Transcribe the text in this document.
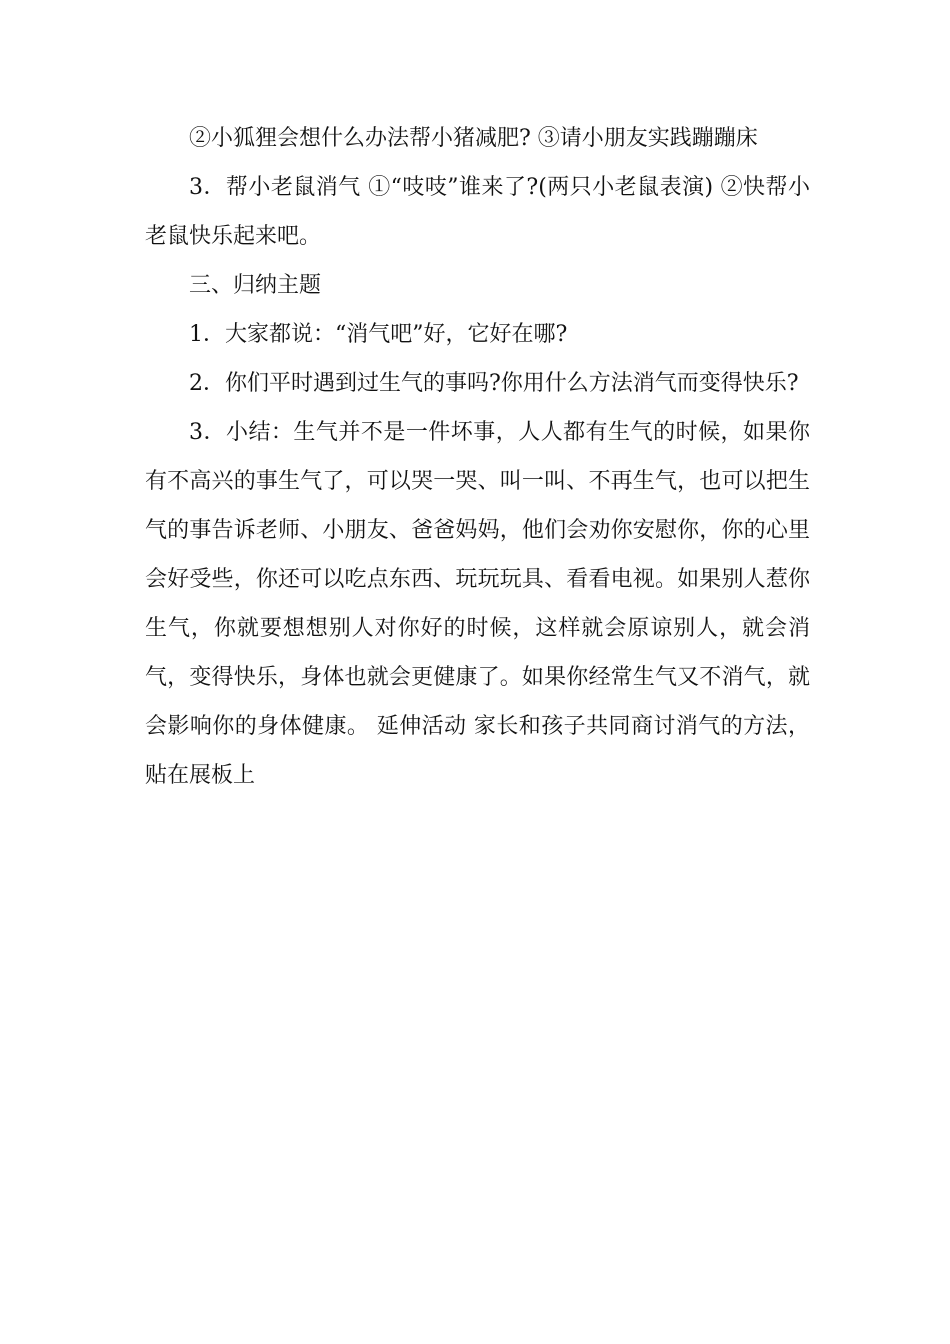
②小狐狸会想什么办法帮小猪减肥? ③请小朋友实践蹦蹦床

3．帮小老鼠消气 ①“吱吱”谁来了?(两只小老鼠表演) ②快帮小老鼠快乐起来吧。

三、归纳主题

1．大家都说：“消气吧”好，它好在哪?

2．你们平时遇到过生气的事吗?你用什么方法消气而变得快乐?

3．小结：生气并不是一件坏事，人人都有生气的时候，如果你有不高兴的事生气了，可以哭一哭、叫一叫、不再生气，也可以把生气的事告诉老师、小朋友、爸爸妈妈，他们会劝你安慰你，你的心里会好受些，你还可以吃点东西、玩玩玩具、看看电视。如果别人惹你生气，你就要想想别人对你好的时候，这样就会原谅别人，就会消气，变得快乐，身体也就会更健康了。如果你经常生气又不消气，就会影响你的身体健康。 延伸活动 家长和孩子共同商讨消气的方法，贴在展板上
